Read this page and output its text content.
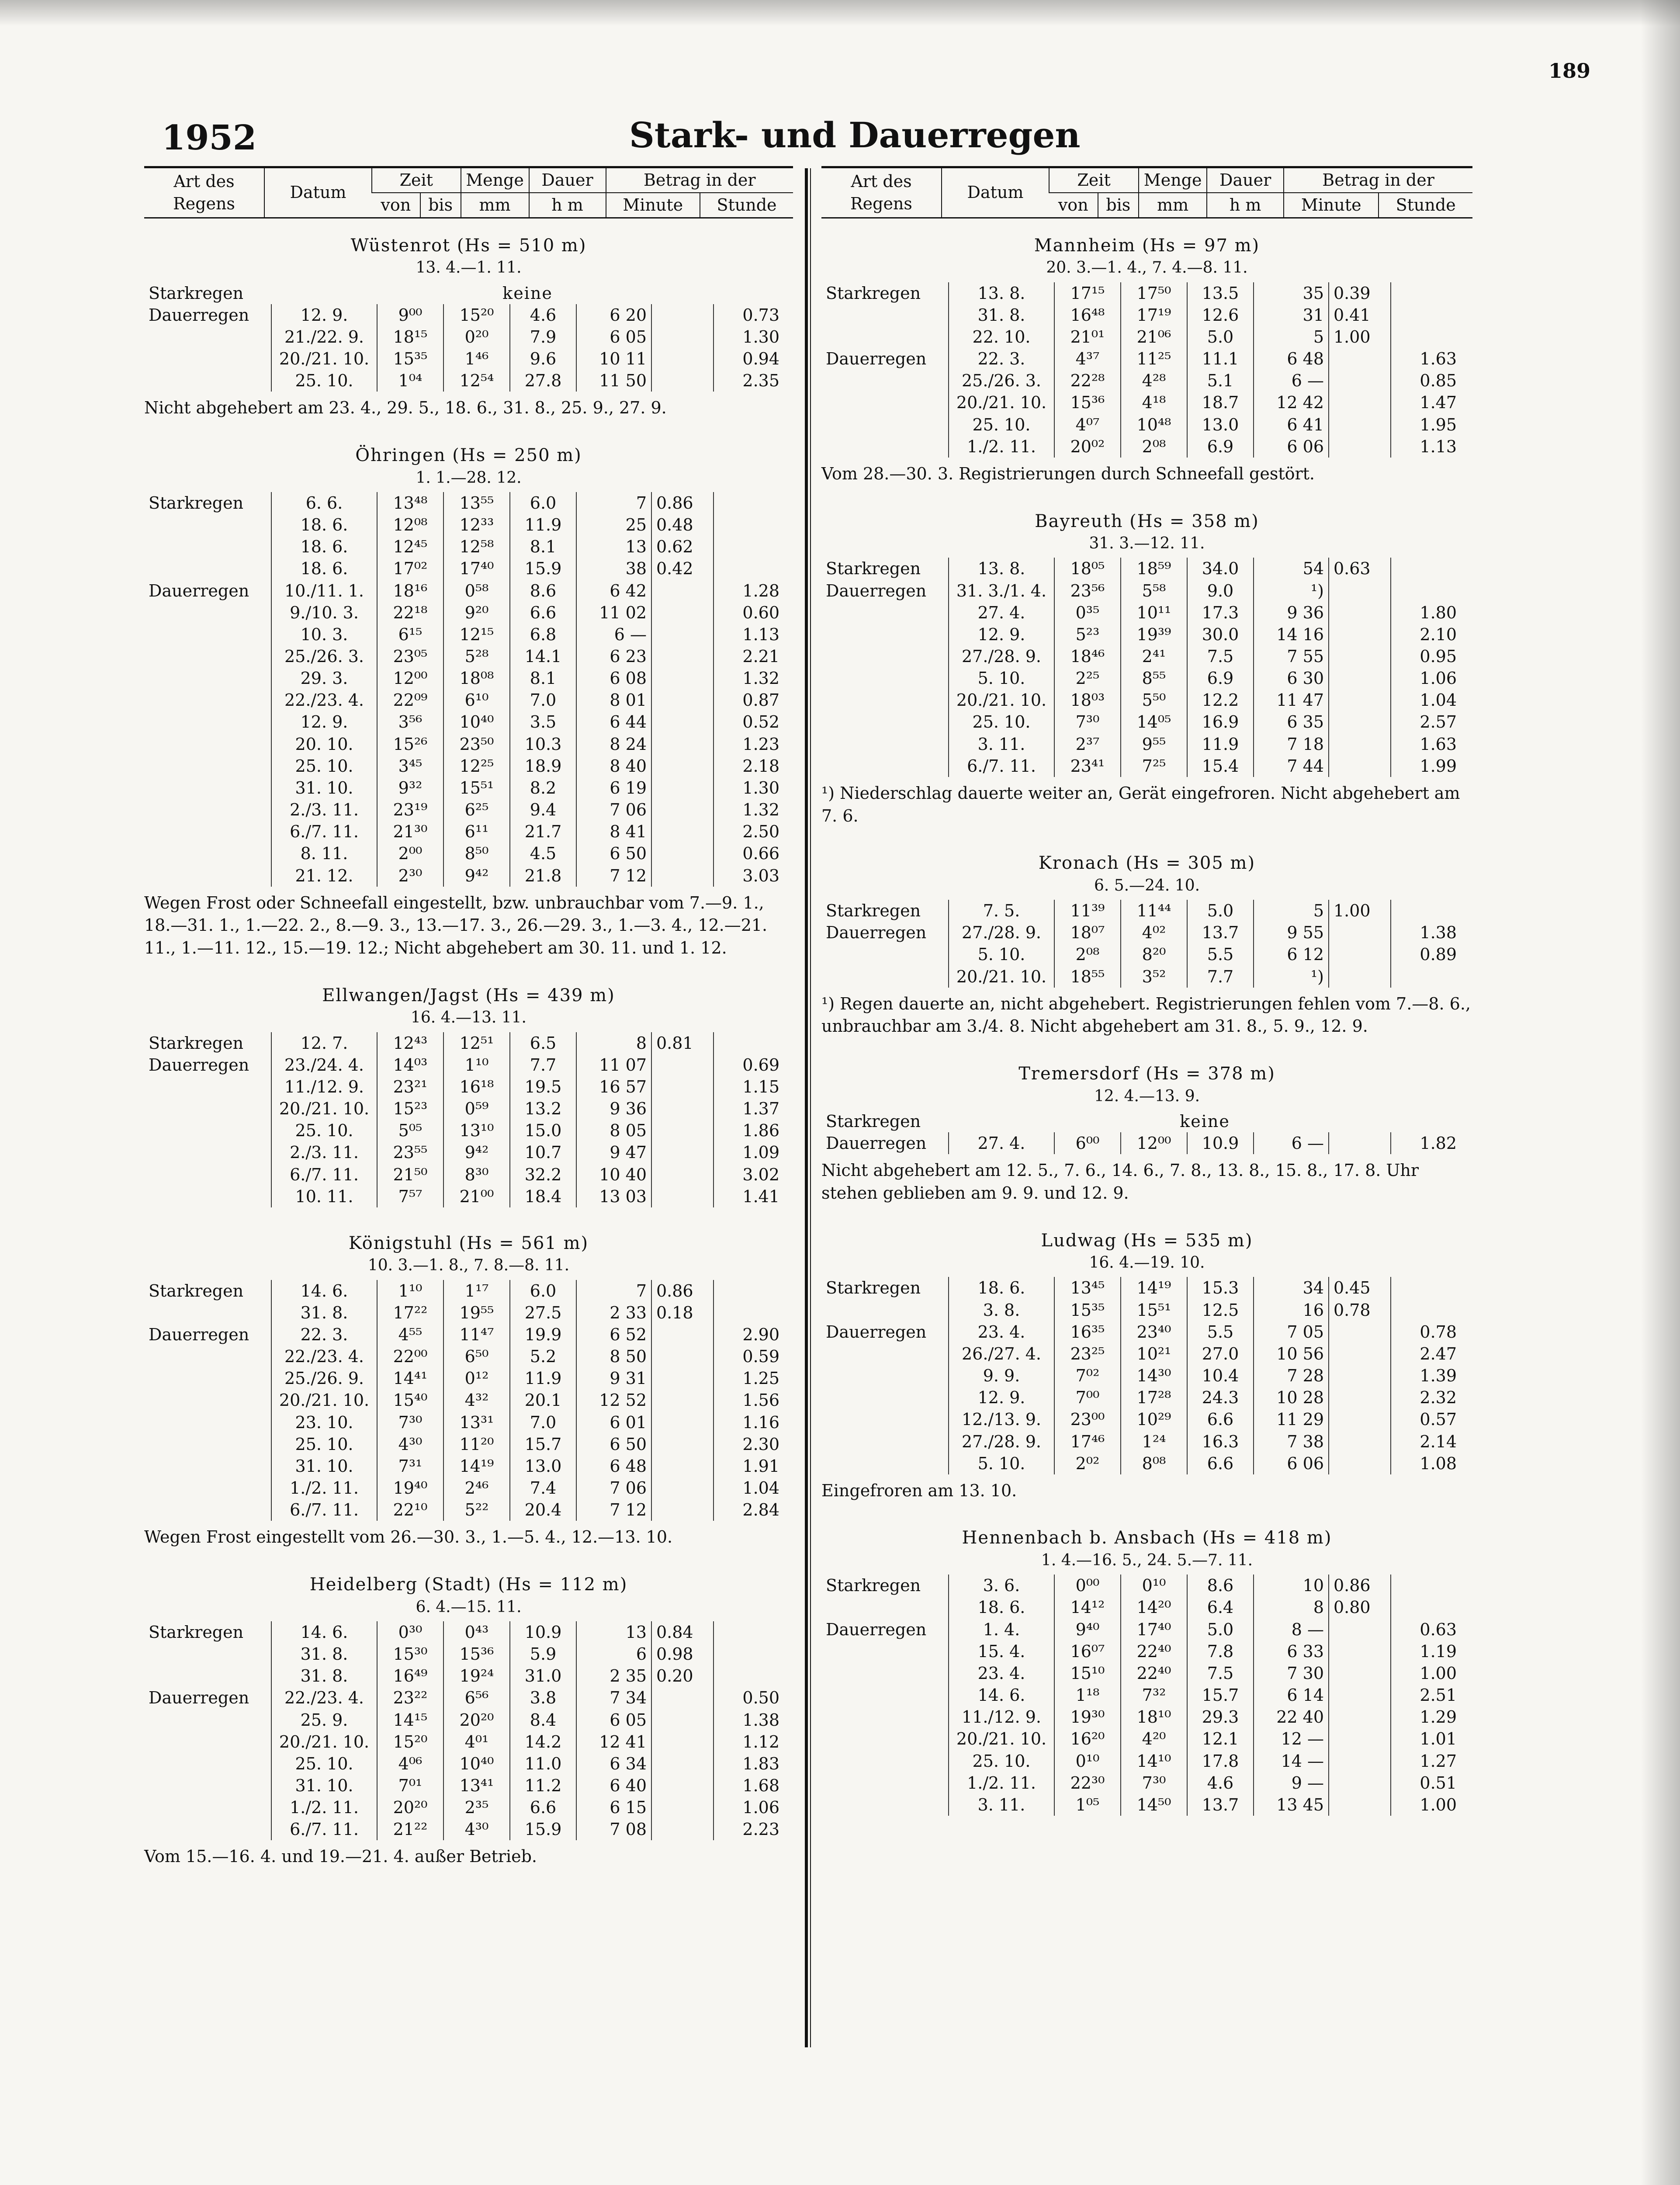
189
1952	Stark- und Dauerregen
Art des Regens	Datum	Zeit		Menge	Dauer	Betrag in der	
		von	bis	mm	h m	Minute	Stunde
Wüstenrot (Hs = 510 m)
13. 4.—1. 11.
Starkregen	keine						
Dauerregen	12. 9.	9⁰⁰	15²⁰	4.6	6 20		0.73
	21./22. 9.	18¹⁵	0²⁰	7.9	6 05		1.30
	20./21. 10.	15³⁵	1⁴⁶	9.6	10 11		0.94
	25. 10.	1⁰⁴	12⁵⁴	27.8	11 50		2.35
Nicht abgehebert am 23. 4., 29. 5., 18. 6., 31. 8., 25. 9., 27. 9.
Öhringen (Hs = 250 m)
1. 1.—28. 12.
Starkregen	6. 6.	13⁴⁸	13⁵⁵	6.0	7	0.86	
	18. 6.	12⁰⁸	12³³	11.9	25	0.48	
	18. 6.	12⁴⁵	12⁵⁸	8.1	13	0.62	
	18. 6.	17⁰²	17⁴⁰	15.9	38	0.42	
Dauerregen	10./11. 1.	18¹⁶	0⁵⁸	8.6	6 42		1.28
	9./10. 3.	22¹⁸	9²⁰	6.6	11 02		0.60
	10. 3.	6¹⁵	12¹⁵	6.8	6 —		1.13
	25./26. 3.	23⁰⁵	5²⁸	14.1	6 23		2.21
	29. 3.	12⁰⁰	18⁰⁸	8.1	6 08		1.32
	22./23. 4.	22⁰⁹	6¹⁰	7.0	8 01		0.87
	12. 9.	3⁵⁶	10⁴⁰	3.5	6 44		0.52
	20. 10.	15²⁶	23⁵⁰	10.3	8 24		1.23
	25. 10.	3⁴⁵	12²⁵	18.9	8 40		2.18
	31. 10.	9³²	15⁵¹	8.2	6 19		1.30
	2./3. 11.	23¹⁹	6²⁵	9.4	7 06		1.32
	6./7. 11.	21³⁰	6¹¹	21.7	8 41		2.50
	8. 11.	2⁰⁰	8⁵⁰	4.5	6 50		0.66
	21. 12.	2³⁰	9⁴²	21.8	7 12		3.03
Wegen Frost oder Schneefall eingestellt, bzw. unbrauchbar vom 7.—9. 1., 18.—31. 1., 1.—22. 2., 8.—9. 3., 13.—17. 3., 26.—29. 3., 1.—3. 4., 12.—21. 11., 1.—11. 12., 15.—19. 12.; Nicht abgehebert am 30. 11. und 1. 12.
Ellwangen/Jagst (Hs = 439 m)
16. 4.—13. 11.
Starkregen	12. 7.	12⁴³	12⁵¹	6.5	8	0.81	
Dauerregen	23./24. 4.	14⁰³	1¹⁰	7.7	11 07		0.69
	11./12. 9.	23²¹	16¹⁸	19.5	16 57		1.15
	20./21. 10.	15²³	0⁵⁹	13.2	9 36		1.37
	25. 10.	5⁰⁵	13¹⁰	15.0	8 05		1.86
	2./3. 11.	23⁵⁵	9⁴²	10.7	9 47		1.09
	6./7. 11.	21⁵⁰	8³⁰	32.2	10 40		3.02
	10. 11.	7⁵⁷	21⁰⁰	18.4	13 03		1.41
Königstuhl (Hs = 561 m)
10. 3.—1. 8., 7. 8.—8. 11.
Starkregen	14. 6.	1¹⁰	1¹⁷	6.0	7	0.86	
	31. 8.	17²²	19⁵⁵	27.5	2 33	0.18	
Dauerregen	22. 3.	4⁵⁵	11⁴⁷	19.9	6 52		2.90
	22./23. 4.	22⁰⁰	6⁵⁰	5.2	8 50		0.59
	25./26. 9.	14⁴¹	0¹²	11.9	9 31		1.25
	20./21. 10.	15⁴⁰	4³²	20.1	12 52		1.56
	23. 10.	7³⁰	13³¹	7.0	6 01		1.16
	25. 10.	4³⁰	11²⁰	15.7	6 50		2.30
	31. 10.	7³¹	14¹⁹	13.0	6 48		1.91
	1./2. 11.	19⁴⁰	2⁴⁶	7.4	7 06		1.04
	6./7. 11.	22¹⁰	5²²	20.4	7 12		2.84
Wegen Frost eingestellt vom 26.—30. 3., 1.—5. 4., 12.—13. 10.
Heidelberg (Stadt) (Hs = 112 m)
6. 4.—15. 11.
Starkregen	14. 6.	0³⁰	0⁴³	10.9	13	0.84	
	31. 8.	15³⁰	15³⁶	5.9	6	0.98	
	31. 8.	16⁴⁹	19²⁴	31.0	2 35	0.20	
Dauerregen	22./23. 4.	23²²	6⁵⁶	3.8	7 34		0.50
	25. 9.	14¹⁵	20²⁰	8.4	6 05		1.38
	20./21. 10.	15²⁰	4⁰¹	14.2	12 41		1.12
	25. 10.	4⁰⁶	10⁴⁰	11.0	6 34		1.83
	31. 10.	7⁰¹	13⁴¹	11.2	6 40		1.68
	1./2. 11.	20²⁰	2³⁵	6.6	6 15		1.06
	6./7. 11.	21²²	4³⁰	15.9	7 08		2.23
Vom 15.—16. 4. und 19.—21. 4. außer Betrieb.
Art des Regens	Datum	Zeit		Menge	Dauer	Betrag in der	
		von	bis	mm	h m	Minute	Stunde
Mannheim (Hs = 97 m)
20. 3.—1. 4., 7. 4.—8. 11.
Starkregen	13. 8.	17¹⁵	17⁵⁰	13.5	35	0.39	
	31. 8.	16⁴⁸	17¹⁹	12.6	31	0.41	
	22. 10.	21⁰¹	21⁰⁶	5.0	5	1.00	
Dauerregen	22. 3.	4³⁷	11²⁵	11.1	6 48		1.63
	25./26. 3.	22²⁸	4²⁸	5.1	6 —		0.85
	20./21. 10.	15³⁶	4¹⁸	18.7	12 42		1.47
	25. 10.	4⁰⁷	10⁴⁸	13.0	6 41		1.95
	1./2. 11.	20⁰²	2⁰⁸	6.9	6 06		1.13
Vom 28.—30. 3. Registrierungen durch Schneefall gestört.
Bayreuth (Hs = 358 m)
31. 3.—12. 11.
Starkregen	13. 8.	18⁰⁵	18⁵⁹	34.0	54	0.63	
Dauerregen	31. 3./1. 4.	23⁵⁶	5⁵⁸	9.0	¹)		
	27. 4.	0³⁵	10¹¹	17.3	9 36		1.80
	12. 9.	5²³	19³⁹	30.0	14 16		2.10
	27./28. 9.	18⁴⁶	2⁴¹	7.5	7 55		0.95
	5. 10.	2²⁵	8⁵⁵	6.9	6 30		1.06
	20./21. 10.	18⁰³	5⁵⁰	12.2	11 47		1.04
	25. 10.	7³⁰	14⁰⁵	16.9	6 35		2.57
	3. 11.	2³⁷	9⁵⁵	11.9	7 18		1.63
	6./7. 11.	23⁴¹	7²⁵	15.4	7 44		1.99
¹) Niederschlag dauerte weiter an, Gerät eingefroren. Nicht abgehebert am 7. 6.
Kronach (Hs = 305 m)
6. 5.—24. 10.
Starkregen	7. 5.	11³⁹	11⁴⁴	5.0	5	1.00	
Dauerregen	27./28. 9.	18⁰⁷	4⁰²	13.7	9 55		1.38
	5. 10.	2⁰⁸	8²⁰	5.5	6 12		0.89
	20./21. 10.	18⁵⁵	3⁵²	7.7	¹)		
¹) Regen dauerte an, nicht abgehebert. Registrierungen fehlen vom 7.—8. 6., unbrauchbar am 3./4. 8. Nicht abgehebert am 31. 8., 5. 9., 12. 9.
Tremersdorf (Hs = 378 m)
12. 4.—13. 9.
Starkregen	keine						
Dauerregen	27. 4.	6⁰⁰	12⁰⁰	10.9	6 —		1.82
Nicht abgehebert am 12. 5., 7. 6., 14. 6., 7. 8., 13. 8., 15. 8., 17. 8. Uhr stehen geblieben am 9. 9. und 12. 9.
Ludwag (Hs = 535 m)
16. 4.—19. 10.
Starkregen	18. 6.	13⁴⁵	14¹⁹	15.3	34	0.45	
	3. 8.	15³⁵	15⁵¹	12.5	16	0.78	
Dauerregen	23. 4.	16³⁵	23⁴⁰	5.5	7 05		0.78
	26./27. 4.	23²⁵	10²¹	27.0	10 56		2.47
	9. 9.	7⁰²	14³⁰	10.4	7 28		1.39
	12. 9.	7⁰⁰	17²⁸	24.3	10 28		2.32
	12./13. 9.	23⁰⁰	10²⁹	6.6	11 29		0.57
	27./28. 9.	17⁴⁶	1²⁴	16.3	7 38		2.14
	5. 10.	2⁰²	8⁰⁸	6.6	6 06		1.08
Eingefroren am 13. 10.
Hennenbach b. Ansbach (Hs = 418 m)
1. 4.—16. 5., 24. 5.—7. 11.
Starkregen	3. 6.	0⁰⁰	0¹⁰	8.6	10	0.86	
	18. 6.	14¹²	14²⁰	6.4	8	0.80	
Dauerregen	1. 4.	9⁴⁰	17⁴⁰	5.0	8 —		0.63
	15. 4.	16⁰⁷	22⁴⁰	7.8	6 33		1.19
	23. 4.	15¹⁰	22⁴⁰	7.5	7 30		1.00
	14. 6.	1¹⁸	7³²	15.7	6 14		2.51
	11./12. 9.	19³⁰	18¹⁰	29.3	22 40		1.29
	20./21. 10.	16²⁰	4²⁰	12.1	12 —		1.01
	25. 10.	0¹⁰	14¹⁰	17.8	14 —		1.27
	1./2. 11.	22³⁰	7³⁰	4.6	9 —		0.51
	3. 11.	1⁰⁵	14⁵⁰	13.7	13 45		1.00
